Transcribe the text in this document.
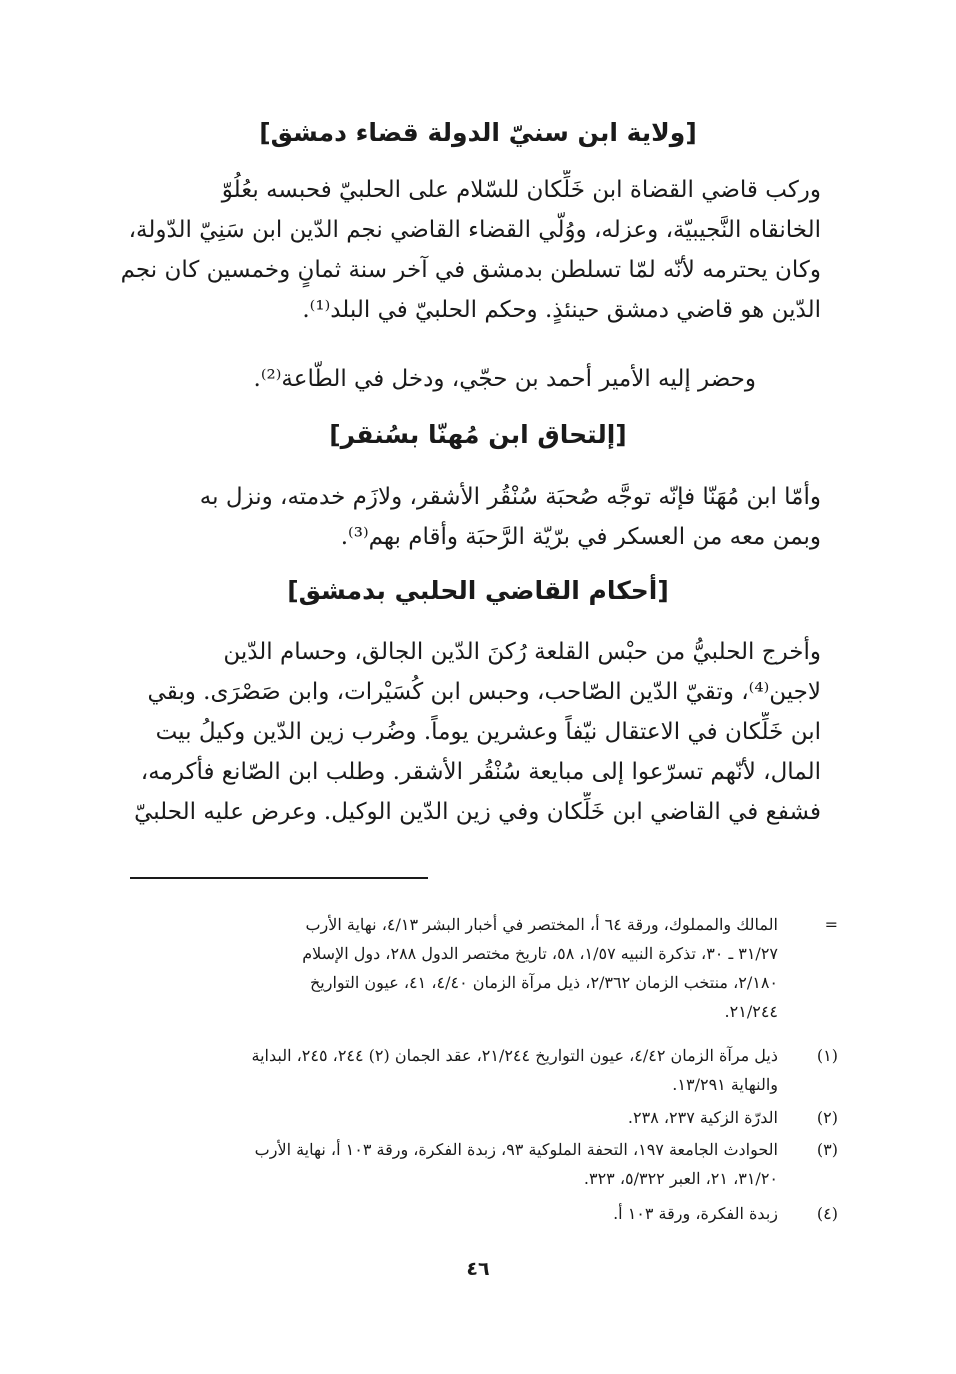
[ولاية ابن سنيّ الدولة قضاء دمشق]
وركب قاضي القضاة ابن خَلِّكان للسّلام على الحلبيّ فحبسه بعُلُوّ
الخانقاه النَّجيبيّة، وعزله، ووُلّي القضاء القاضي نجم الدّين ابن سَنِيّ الدّولة،
وكان يحترمه لأنّه لمّا تسلطن بدمشق في آخر سنة ثمانٍ وخمسين كان نجم
الدّين هو قاضي دمشق حينئذٍ. وحكم الحلبيّ في البلد⁽¹⁾.
وحضر إليه الأمير أحمد بن حجّي، ودخل في الطّاعة⁽²⁾.
[إلتحاق ابن مُهنّا بسُنقر]
وأمّا ابن مُهَنّا فإنّه توجَّه صُحبَة سُنْقُر الأشقر، ولازَم خدمته، ونزل به
وبمن معه من العسكر في برّيّة الرَّحبَة وأقام بهم⁽³⁾.
[أحكام القاضي الحلبي بدمشق]
وأخرج الحلبيُّ من حبْس القلعة رُكنَ الدّين الجالق، وحسام الدّين
لاجين⁽⁴⁾، وتقيّ الدّين الصّاحب، وحبس ابن كُسَيْرات، وابن صَصْرَى. وبقي
ابن خَلِّكان في الاعتقال نيّفاً وعشرين يوماً. وضُرب زين الدّين وكيلُ بيت
المال، لأنّهم تسرّعوا إلى مبايعة سُنْقُر الأشقر. وطلب ابن الصّانع فأكرمه،
فشفع في القاضي ابن خَلِّكان وفي زين الدّين الوكيل. وعرض عليه الحلبيّ
=
المالك والمملوك، ورقة ٦٤ أ، المختصر في أخبار البشر ٤/١٣، نهاية الأرب
٣١/٢٧ ـ ٣٠، تذكرة النبيه ١/٥٧، ٥٨، تاريخ مختصر الدول ٢٨٨، دول الإسلام
٢/١٨٠، منتخب الزمان ٢/٣٦٢، ذيل مرآة الزمان ٤/٤٠، ٤١، عيون التواريخ
٢١/٢٤٤.
(١)
ذيل مرآة الزمان ٤/٤٢، عيون التواريخ ٢١/٢٤٤، عقد الجمان (٢) ٢٤٤، ٢٤٥، البداية
والنهاية ١٣/٢٩١.
(٢)
الدرّة الزكية ٢٣٧، ٢٣٨.
(٣)
الحوادث الجامعة ١٩٧، التحفة الملوكية ٩٣، زبدة الفكرة، ورقة ١٠٣ أ، نهاية الأرب
٣١/٢٠، ٢١، العبر ٥/٣٢٢، ٣٢٣.
(٤)
زبدة الفكرة، ورقة ١٠٣ أ.
٤٦
